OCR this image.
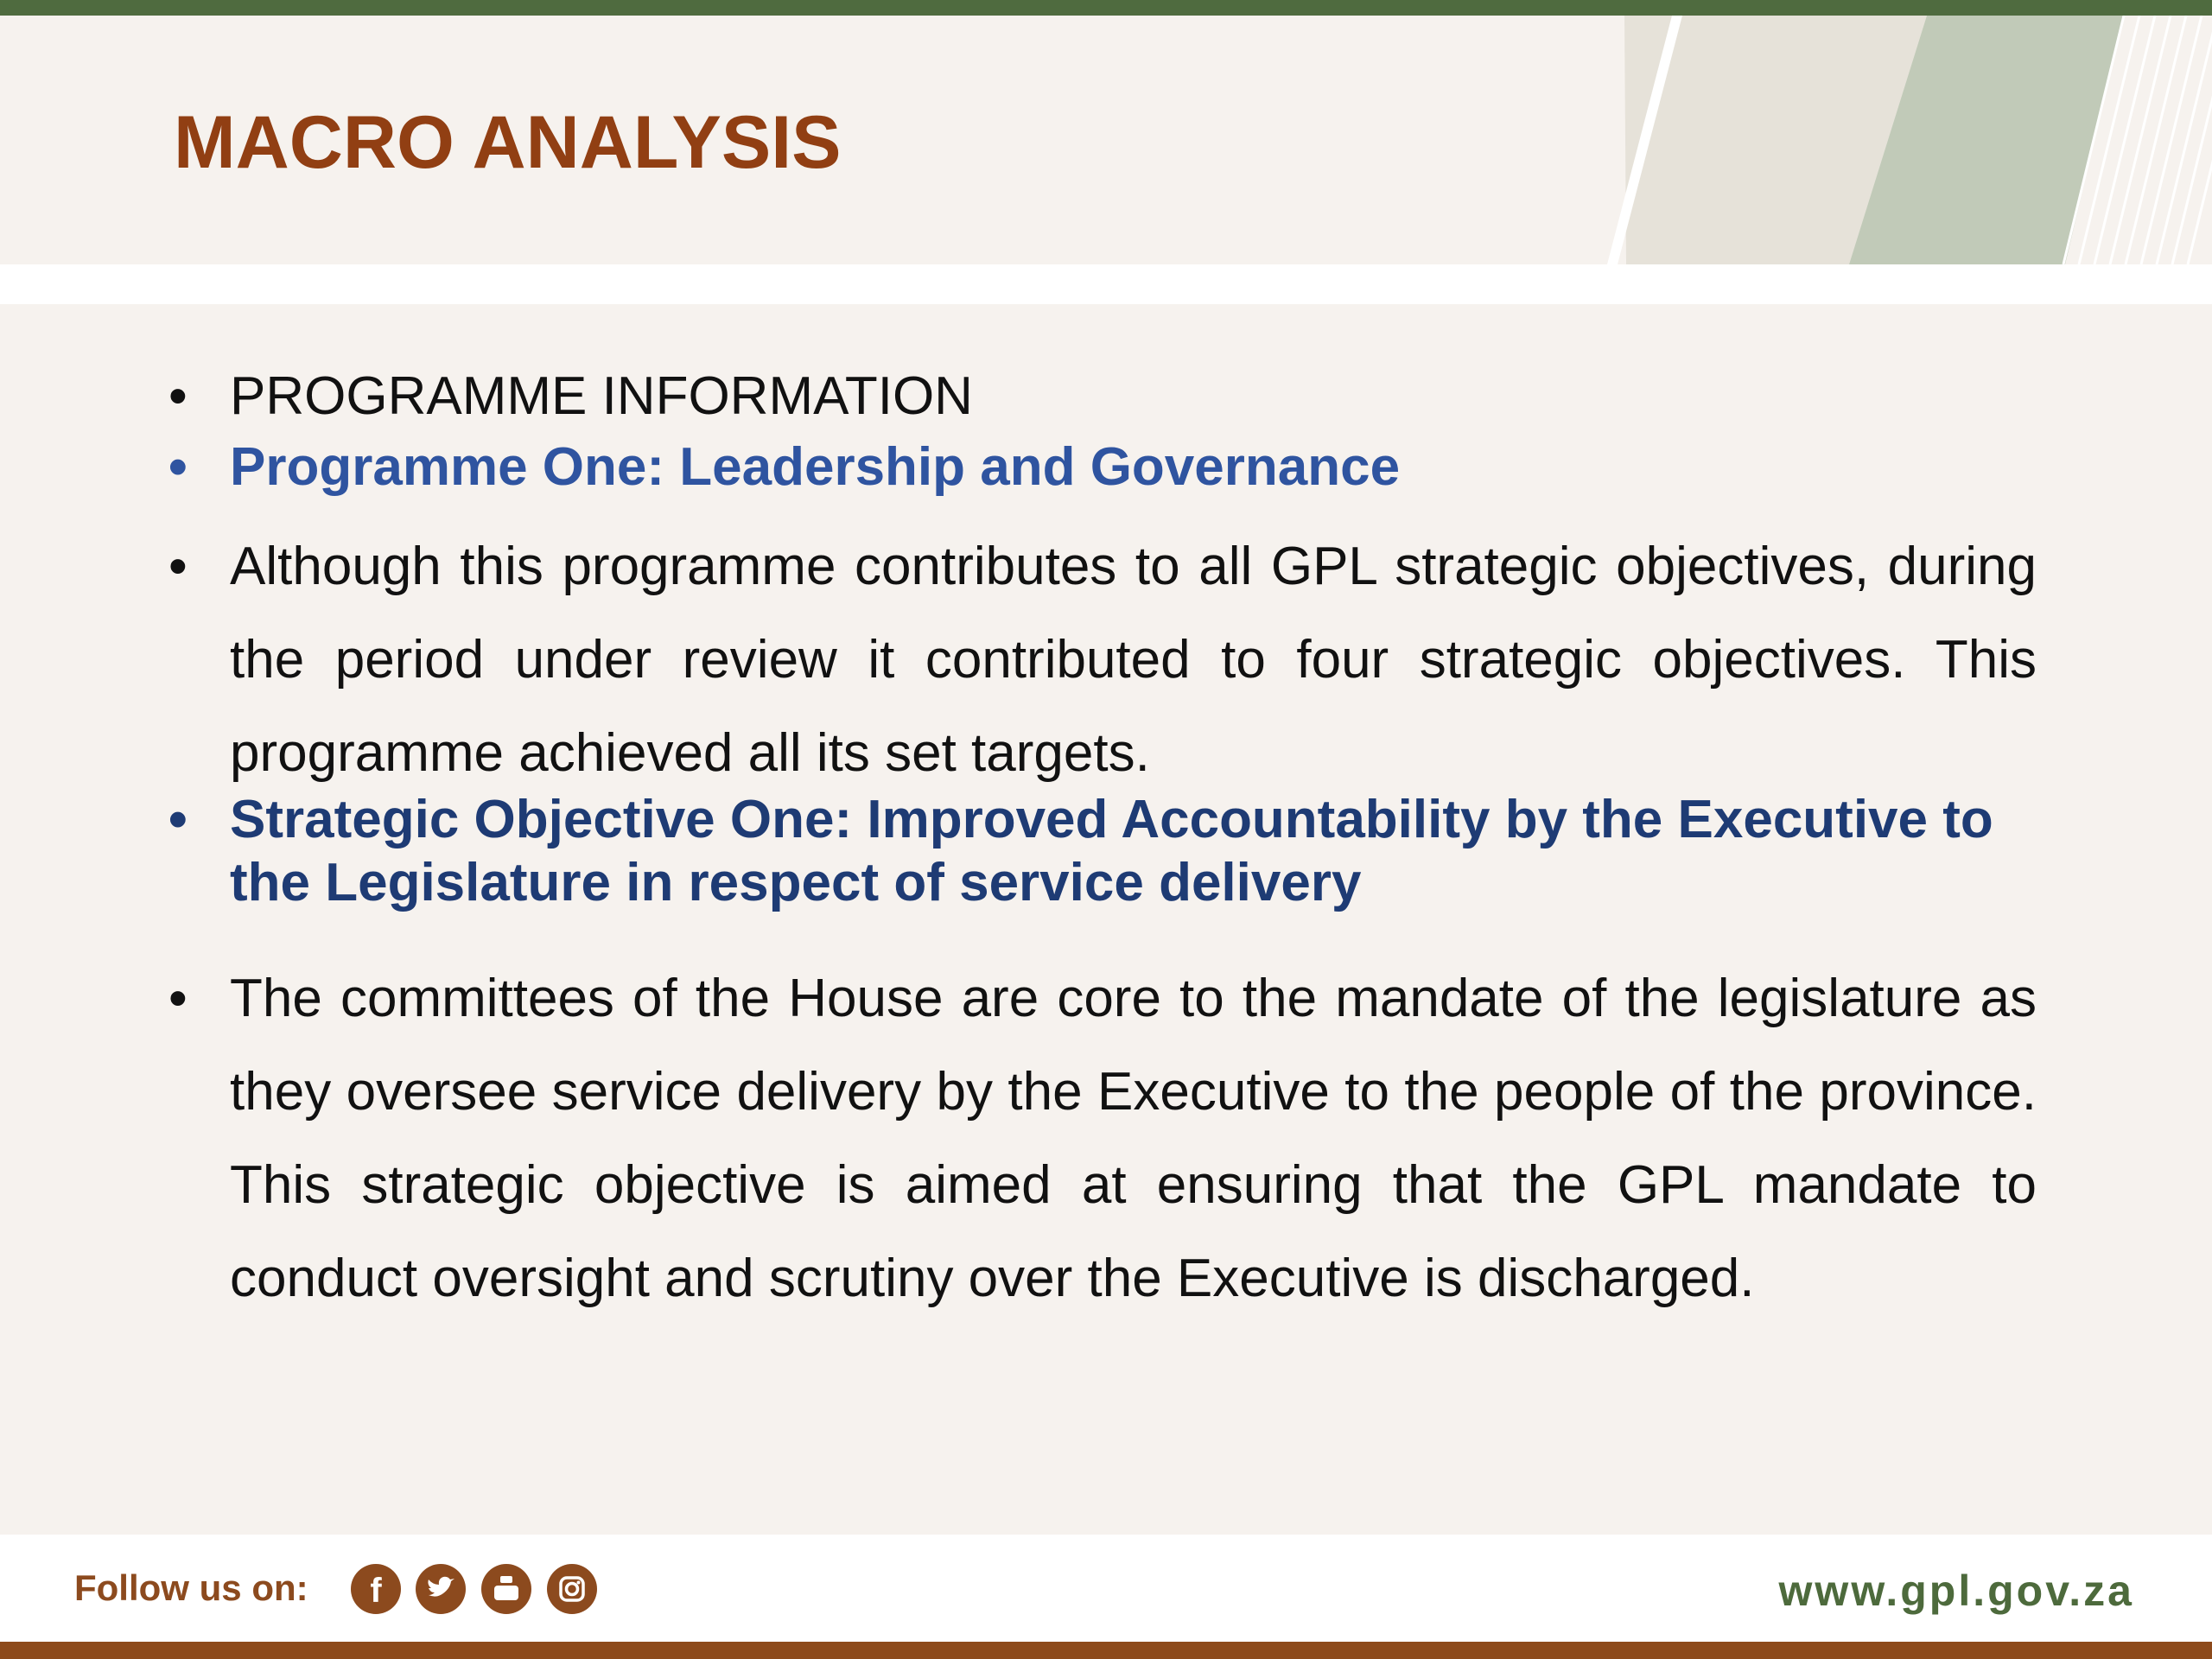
MACRO ANALYSIS
• PROGRAMME INFORMATION
• Programme One: Leadership and Governance
• Although this programme contributes to all GPL strategic objectives, during the period under review it contributed to four strategic objectives. This programme achieved all its set targets.
• Strategic Objective One: Improved Accountability by the Executive to the Legislature in respect of service delivery
• The committees of the House are core to the mandate of the legislature as they oversee service delivery by the Executive to the people of the province. This strategic objective is aimed at ensuring that the GPL mandate to conduct oversight and scrutiny over the Executive is discharged.
Follow us on: f	www.gpl.gov.za
